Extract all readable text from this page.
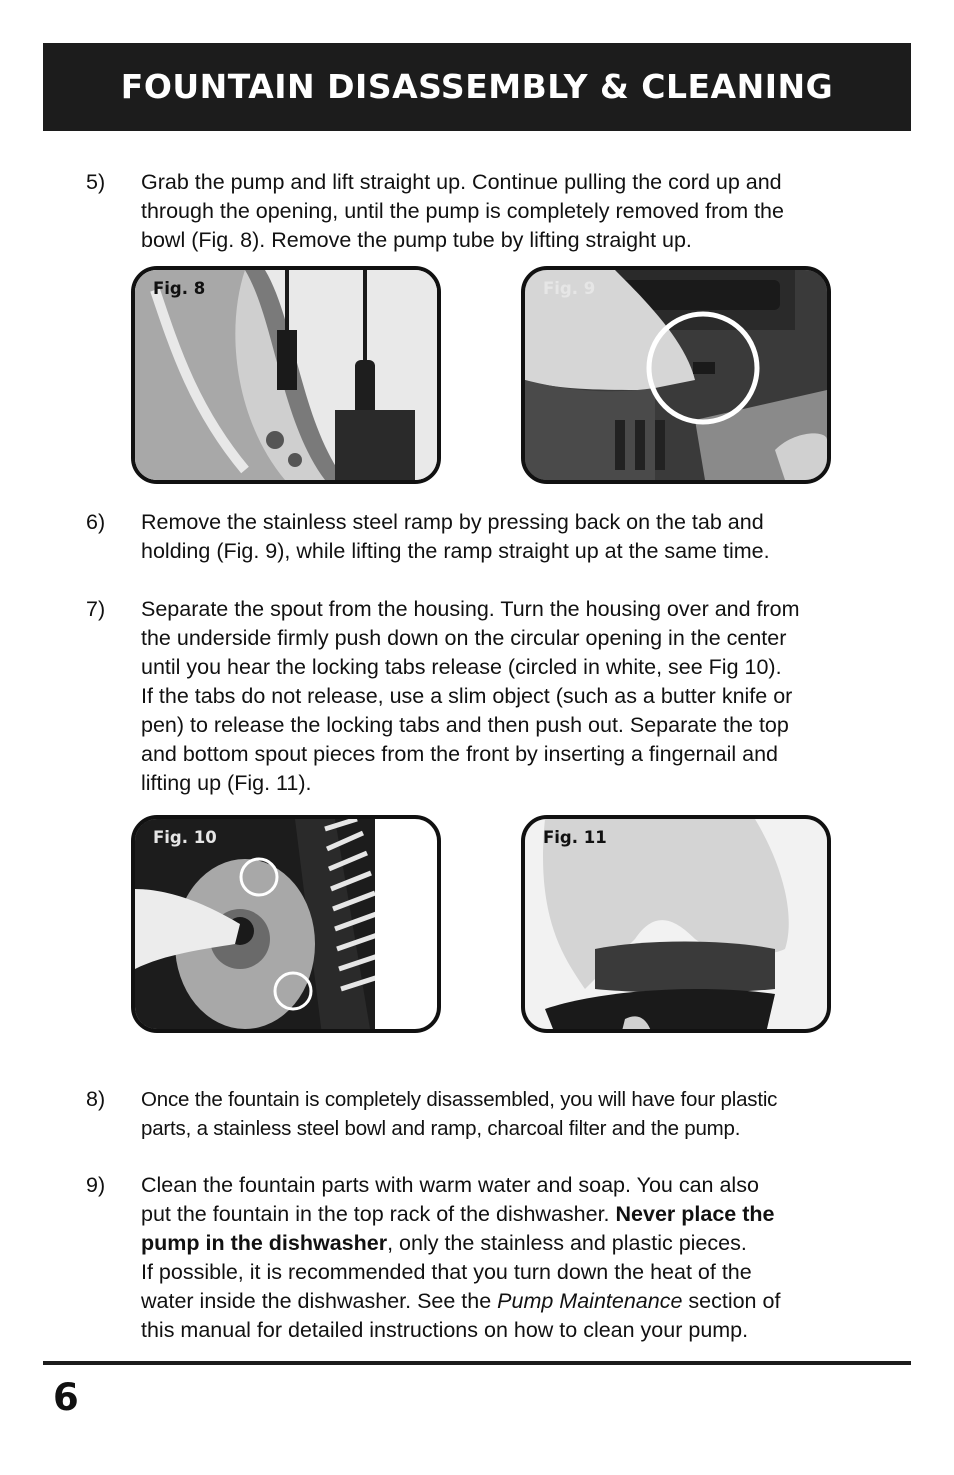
FOUNTAIN DISASSEMBLY & CLEANING
5)	Grab the pump and lift straight up. Continue pulling the cord up and
through the opening, until the pump is completely removed from the
bowl (Fig. 8). Remove the pump tube by lifting straight up.
Fig. 8	Fig. 9
6)	Remove the stainless steel ramp by pressing back on the tab and
holding (Fig. 9), while lifting the ramp straight up at the same time.
7)	Separate the spout from the housing. Turn the housing over and from
the underside firmly push down on the circular opening in the center
until you hear the locking tabs release (circled in white, see Fig 10).
If the tabs do not release, use a slim object (such as a butter knife or
pen) to release the locking tabs and then push out. Separate the top
and bottom spout pieces from the front by inserting a fingernail and
lifting up (Fig. 11).
Fig. 10	Fig. 11
8)	Once the fountain is completely disassembled, you will have four plastic
parts, a stainless steel bowl and ramp, charcoal filter and the pump.
9)	Clean the fountain parts with warm water and soap. You can also
put the fountain in the top rack of the dishwasher. Never place the
pump in the dishwasher, only the stainless and plastic pieces.
If possible, it is recommended that you turn down the heat of the
water inside the dishwasher. See the Pump Maintenance section of
this manual for detailed instructions on how to clean your pump.
6
